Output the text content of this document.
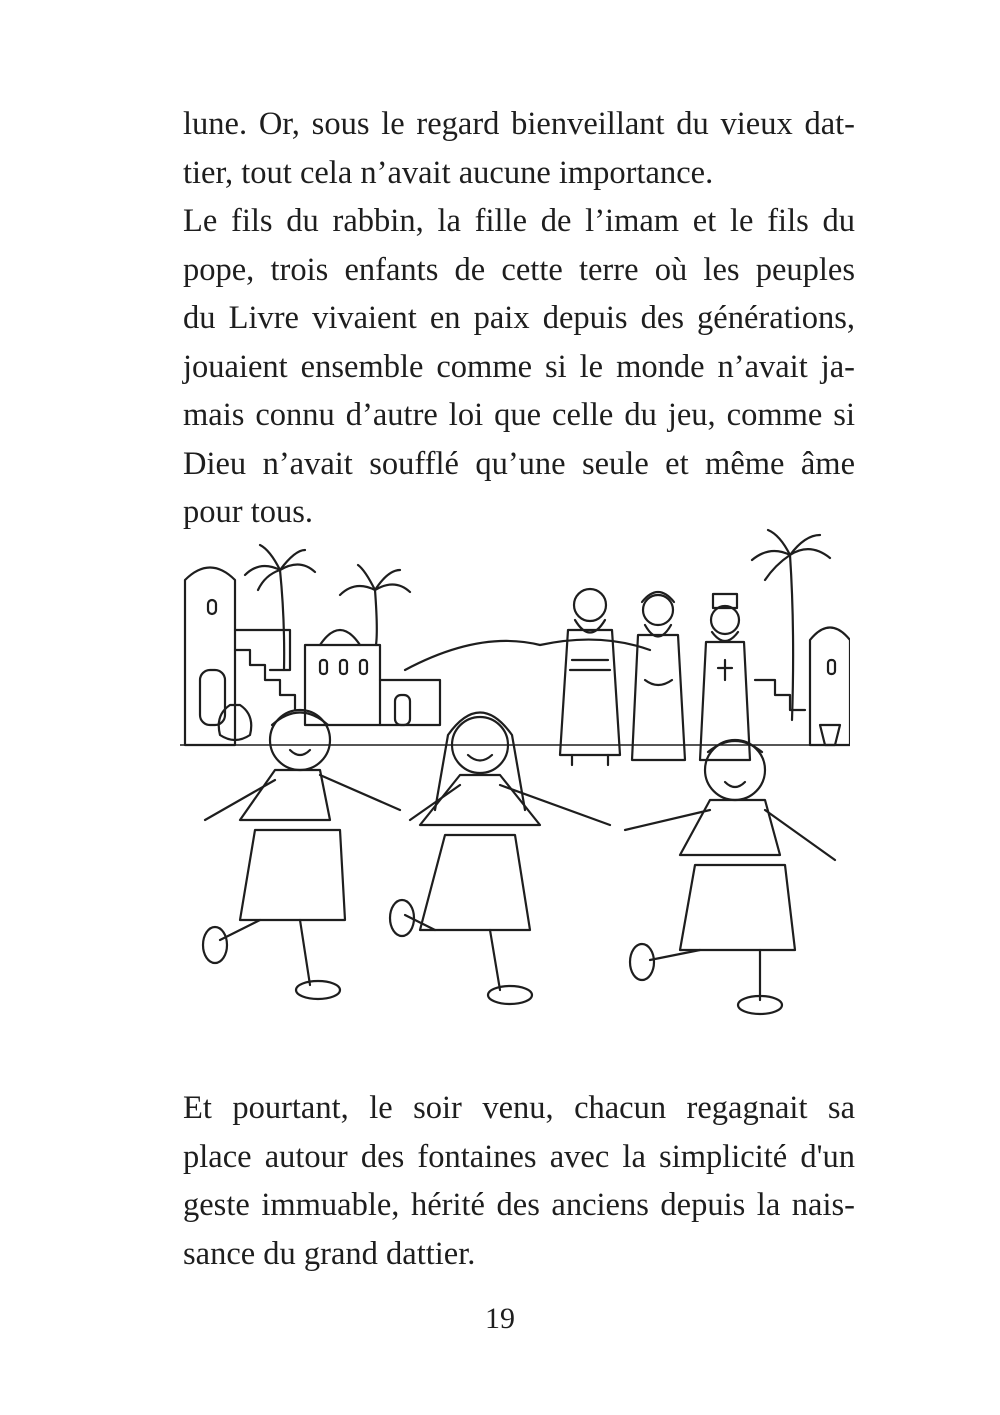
lune. Or, sous le regard bienveillant du vieux dat-
tier, tout cela n’avait aucune importance.
Le fils du rabbin, la fille de l’imam et le fils du
pope, trois enfants de cette terre où les peuples
du Livre vivaient en paix depuis des générations,
jouaient ensemble comme si le monde n’avait ja-
mais connu d’autre loi que celle du jeu, comme si
Dieu n’avait soufflé qu’une seule et même âme
pour tous.
Et pourtant, le soir venu, chacun regagnait sa
place autour des fontaines avec la simplicité d'un
geste immuable, hérité des anciens depuis la nais-
sance du grand dattier.
19
